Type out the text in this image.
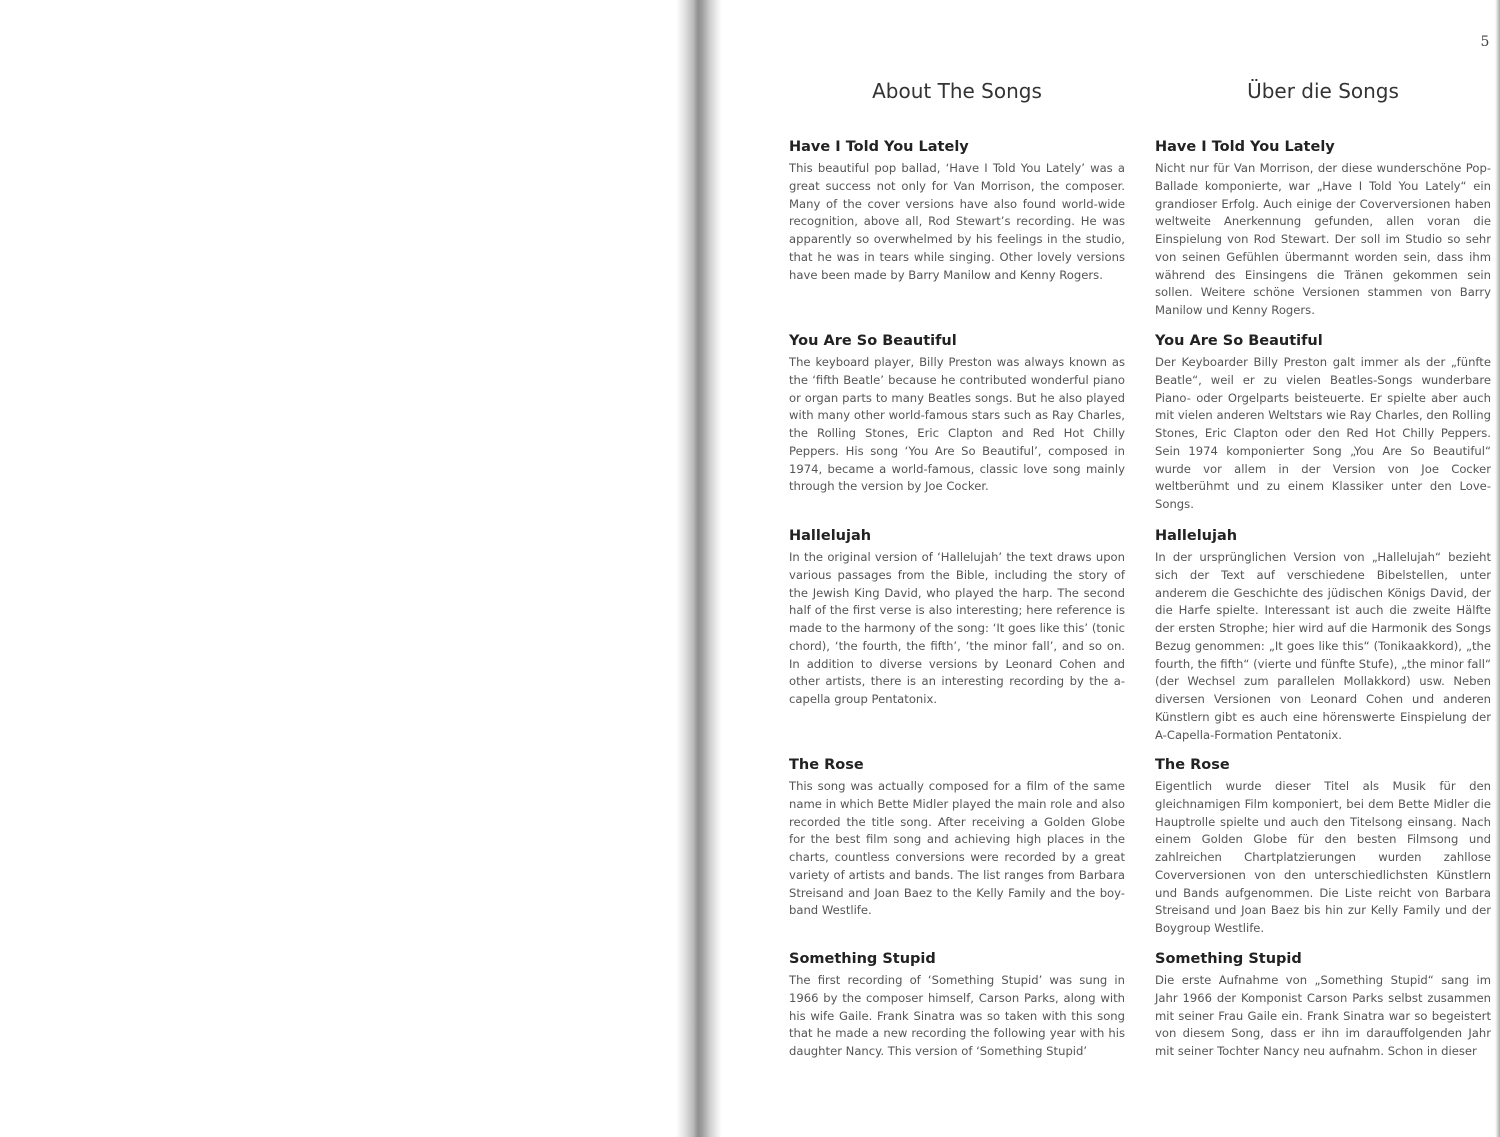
5
About The Songs
Have I Told You Lately

This beautiful pop ballad, ‘Have I Told You Lately’ was a great success not only for Van Morrison, the composer. Many of the cover versions have also found world-wide recognition, above all, Rod Stewart’s recording. He was apparently so overwhelmed by his feelings in the studio, that he was in tears while singing. Other lovely versions have been made by Barry Manilow and Kenny Rogers.

You Are So Beautiful

The keyboard player, Billy Preston was always known as the ‘fifth Beatle’ because he contributed wonderful piano or organ parts to many Beatles songs. But he also played with many other world-famous stars such as Ray Charles, the Rolling Stones, Eric Clapton and Red Hot Chilly Peppers. His song ‘You Are So Beautiful’, composed in 1974, became a world-famous, classic love song mainly through the version by Joe Cocker.

Hallelujah

In the original version of ‘Hallelujah’ the text draws upon various passages from the Bible, including the story of the Jewish King David, who played the harp. The second half of the first verse is also interesting; here reference is made to the harmony of the song: ‘It goes like this’ (tonic chord), ‘the fourth, the fifth’, ‘the minor fall’, and so on. In addition to diverse versions by Leonard Cohen and other artists, there is an interesting recording by the a-capella group Pentatonix.

The Rose

This song was actually composed for a film of the same name in which Bette Midler played the main role and also recorded the title song. After receiving a Golden Globe for the best film song and achieving high places in the charts, countless conversions were recorded by a great variety of artists and bands. The list ranges from Barbara Streisand and Joan Baez to the Kelly Family and the boy-band Westlife.

Something Stupid

The first recording of ‘Something Stupid’ was sung in 1966 by the composer himself, Carson Parks, along with his wife Gaile. Frank Sinatra was so taken with this song that he made a new recording the following year with his daughter Nancy. This version of ‘Something Stupid’

Über die Songs
Have I Told You Lately

Nicht nur für Van Morrison, der diese wunderschöne Pop-Ballade komponierte, war „Have I Told You Lately“ ein grandioser Erfolg. Auch einige der Coverversionen haben weltweite Anerkennung gefunden, allen voran die Einspielung von Rod Stewart. Der soll im Studio so sehr von seinen Gefühlen übermannt worden sein, dass ihm während des Einsingens die Tränen gekommen sein sollen. Weitere schöne Versionen stammen von Barry Manilow und Kenny Rogers.

You Are So Beautiful

Der Keyboarder Billy Preston galt immer als der „fünfte Beatle“, weil er zu vielen Beatles-Songs wunderbare Piano- oder Orgelparts beisteuerte. Er spielte aber auch mit vielen anderen Weltstars wie Ray Charles, den Rolling Stones, Eric Clapton oder den Red Hot Chilly Peppers. Sein 1974 komponierter Song „You Are So Beautiful“ wurde vor allem in der Version von Joe Cocker weltberühmt und zu einem Klassiker unter den Love-Songs.

Hallelujah

In der ursprünglichen Version von „Hallelujah“ bezieht sich der Text auf verschiedene Bibelstellen, unter anderem die Geschichte des jüdischen Königs David, der die Harfe spielte. Interessant ist auch die zweite Hälfte der ersten Strophe; hier wird auf die Harmonik des Songs Bezug genommen: „It goes like this“ (Tonikaakkord), „the fourth, the fifth“ (vierte und fünfte Stufe), „the minor fall“ (der Wechsel zum parallelen Mollakkord) usw. Neben diversen Versionen von Leonard Cohen und anderen Künstlern gibt es auch eine hörenswerte Einspielung der A-Capella-Formation Pentatonix.

The Rose

Eigentlich wurde dieser Titel als Musik für den gleichnamigen Film komponiert, bei dem Bette Midler die Hauptrolle spielte und auch den Titelsong einsang. Nach einem Golden Globe für den besten Filmsong und zahlreichen Chartplatzierungen wurden zahllose Coverversionen von den unterschiedlichsten Künstlern und Bands aufgenommen. Die Liste reicht von Barbara Streisand und Joan Baez bis hin zur Kelly Family und der Boygroup Westlife.

Something Stupid

Die erste Aufnahme von „Something Stupid“ sang im Jahr 1966 der Komponist Carson Parks selbst zusammen mit seiner Frau Gaile ein. Frank Sinatra war so begeistert von diesem Song, dass er ihn im darauffolgenden Jahr mit seiner Tochter Nancy neu aufnahm. Schon in dieser
